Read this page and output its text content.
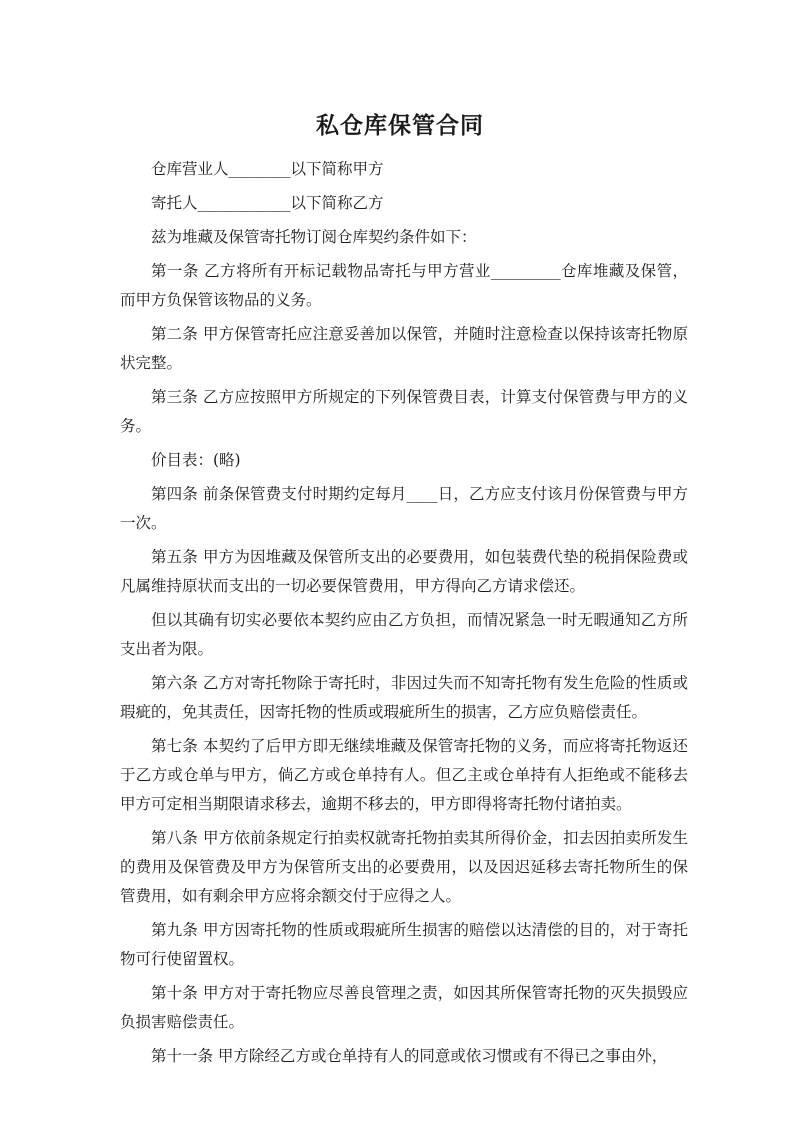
私仓库保管合同

仓库营业人________以下简称甲方

寄托人____________以下简称乙方

兹为堆藏及保管寄托物订阅仓库契约条件如下：

第一条 乙方将所有开标记载物品寄托与甲方营业_________仓库堆藏及保管，而甲方负保管该物品的义务。

第二条 甲方保管寄托应注意妥善加以保管，并随时注意检查以保持该寄托物原状完整。

第三条 乙方应按照甲方所规定的下列保管费目表，计算支付保管费与甲方的义务。

价目表：(略)

第四条 前条保管费支付时期约定每月____日，乙方应支付该月份保管费与甲方一次。

第五条 甲方为因堆藏及保管所支出的必要费用，如包装费代垫的税捐保险费或凡属维持原状而支出的一切必要保管费用，甲方得向乙方请求偿还。

但以其确有切实必要依本契约应由乙方负担，而情况紧急一时无暇通知乙方所支出者为限。

第六条 乙方对寄托物除于寄托时，非因过失而不知寄托物有发生危险的性质或瑕疵的，免其责任，因寄托物的性质或瑕疵所生的损害，乙方应负赔偿责任。

第七条 本契约了后甲方即无继续堆藏及保管寄托物的义务，而应将寄托物返还于乙方或仓单与甲方，倘乙方或仓单持有人。但乙主或仓单持有人拒绝或不能移去甲方可定相当期限请求移去，逾期不移去的，甲方即得将寄托物付诸拍卖。

第八条 甲方依前条规定行拍卖权就寄托物拍卖其所得价金，扣去因拍卖所发生的费用及保管费及甲方为保管所支出的必要费用，以及因迟延移去寄托物所生的保管费用，如有剩余甲方应将余额交付于应得之人。

第九条 甲方因寄托物的性质或瑕疵所生损害的赔偿以达清偿的目的，对于寄托物可行使留置权。

第十条 甲方对于寄托物应尽善良管理之责，如因其所保管寄托物的灭失损毁应负损害赔偿责任。

第十一条 甲方除经乙方或仓单持有人的同意或依习惯或有不得已之事由外，
